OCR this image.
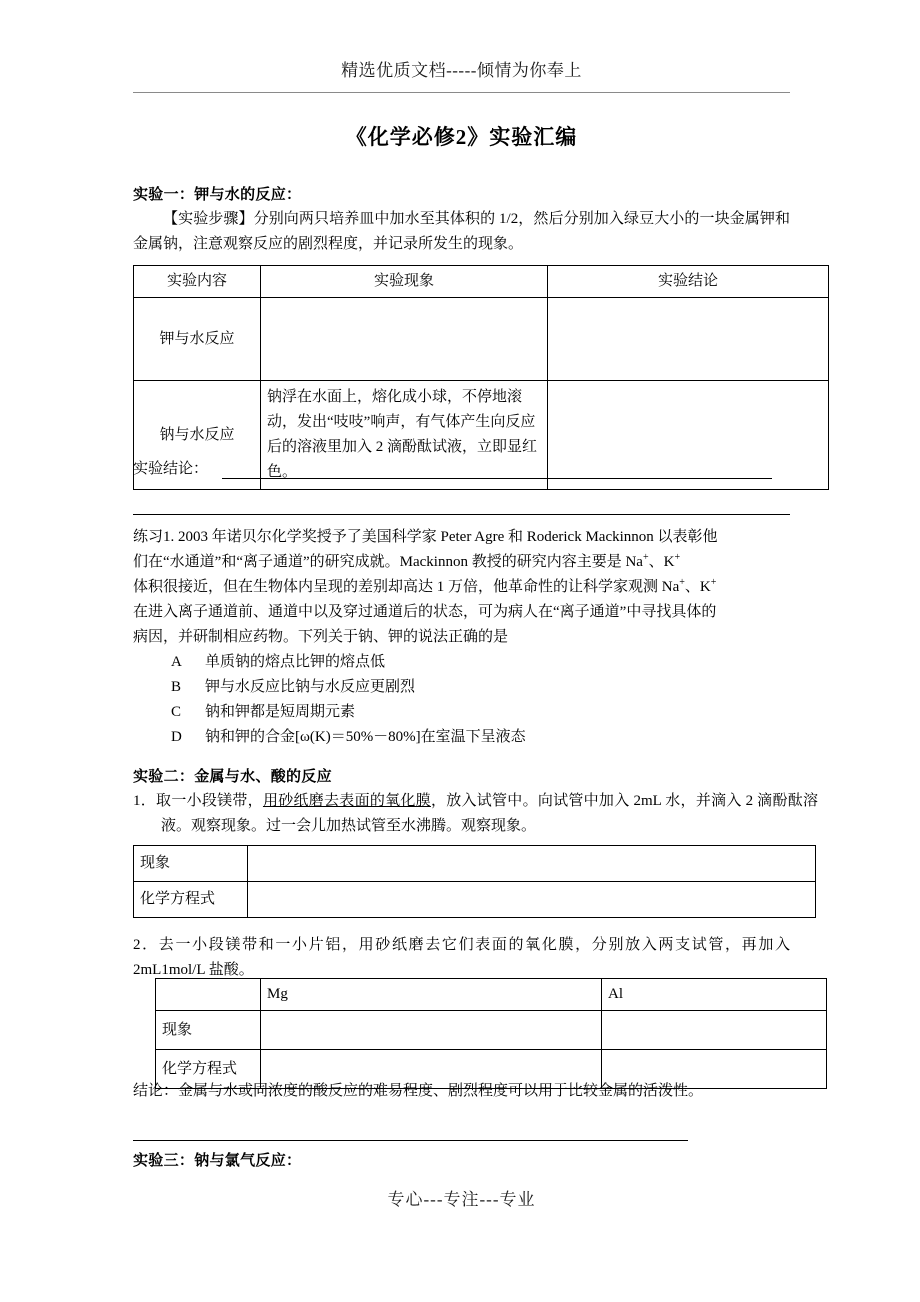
精选优质文档-----倾情为你奉上
《化学必修2》实验汇编
实验一：钾与水的反应：
【实验步骤】分别向两只培养皿中加水至其体积的 1/2，然后分别加入绿豆大小的一块金属钾和金属钠，注意观察反应的剧烈程度，并记录所发生的现象。
实验内容	实验现象	实验结论
钾与水反应		
钠与水反应	钠浮在水面上，熔化成小球，不停地滚动，发出“吱吱”响声，有气体产生向反应后的溶液里加入 2 滴酚酞试液，立即显红色。	
实验结论：
练习1. 2003 年诺贝尔化学奖授予了美国科学家 Peter Agre 和 Roderick Mackinnon 以表彰他
们在“水通道”和“离子通道”的研究成就。Mackinnon 教授的研究内容主要是 Na+、K+
体积很接近，但在生物体内呈现的差别却高达 1 万倍，他革命性的让科学家观测 Na+、K+
在进入离子通道前、通道中以及穿过通道后的状态，可为病人在“离子通道”中寻找具体的
病因，并研制相应药物。下列关于钠、钾的说法正确的是
A 单质钠的熔点比钾的熔点低
B 钾与水反应比钠与水反应更剧烈
C 钠和钾都是短周期元素
D 钠和钾的合金[ω(K)＝50%－80%]在室温下呈液态
实验二：金属与水、酸的反应
1．取一小段镁带，用砂纸磨去表面的氧化膜，放入试管中。向试管中加入 2mL 水，并滴入 2 滴酚酞溶液。观察现象。过一会儿加热试管至水沸腾。观察现象。
现象	
化学方程式	
2．去一小段镁带和一小片铝，用砂纸磨去它们表面的氧化膜，分别放入两支试管，再加入 2mL1mol/L 盐酸。
	Mg	Al
现象		
化学方程式		
结论：金属与水或同浓度的酸反应的难易程度、剧烈程度可以用于比较金属的活泼性。
实验三：钠与氯气反应：
专心---专注---专业
